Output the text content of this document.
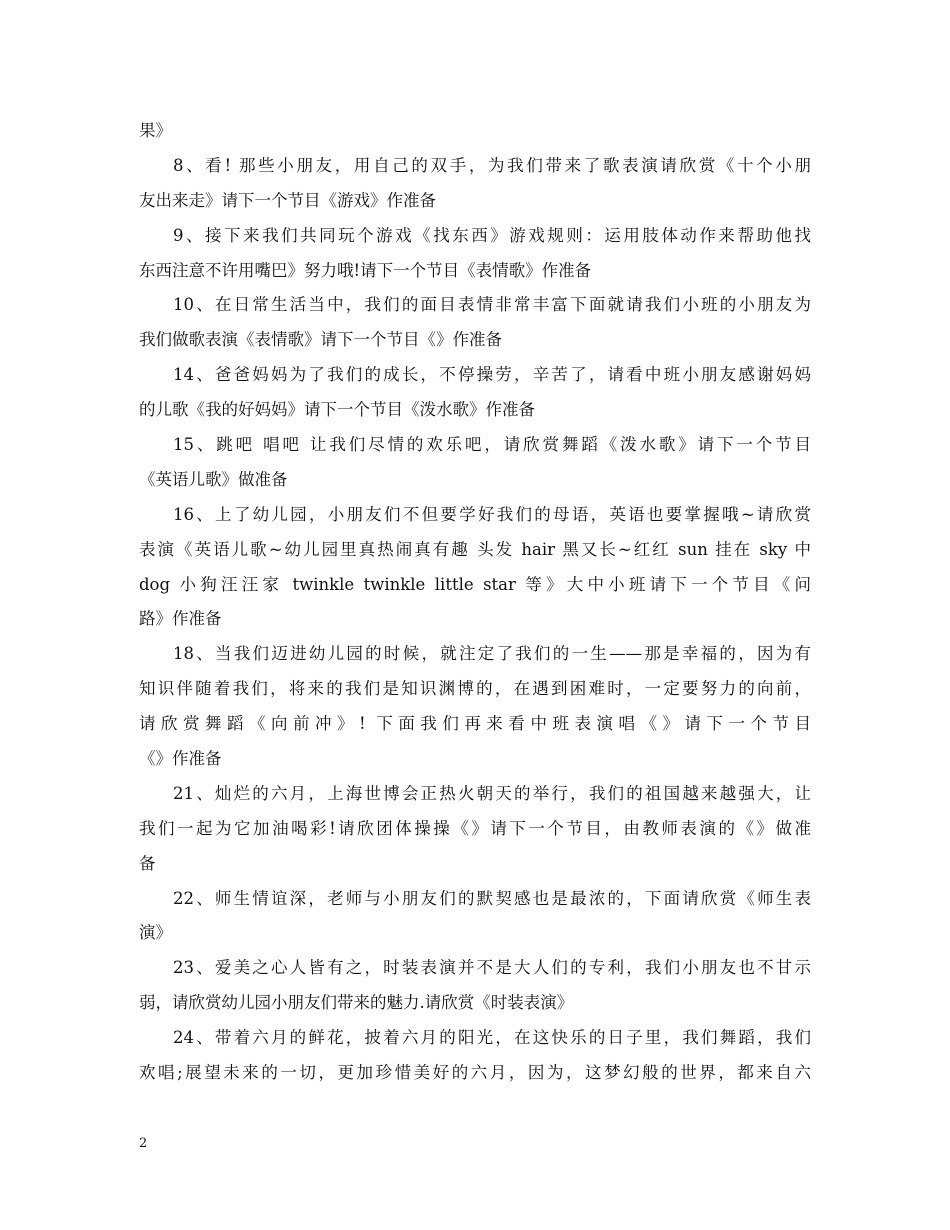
果》
8、看! 那些小朋友，用自己的双手，为我们带来了歌表演请欣赏《十个小朋
友出来走》请下一个节目《游戏》作准备
9、接下来我们共同玩个游戏《找东西》游戏规则：运用肢体动作来帮助他找
东西注意不许用嘴巴》努力哦!请下一个节目《表情歌》作准备
10、在日常生活当中，我们的面目表情非常丰富下面就请我们小班的小朋友为
我们做歌表演《表情歌》请下一个节目《》作准备
14、爸爸妈妈为了我们的成长，不停操劳，辛苦了，请看中班小朋友感谢妈妈
的儿歌《我的好妈妈》请下一个节目《泼水歌》作准备
15、跳吧 唱吧 让我们尽情的欢乐吧，请欣赏舞蹈《泼水歌》请下一个节目
《英语儿歌》做准备
16、上了幼儿园，小朋友们不但要学好我们的母语，英语也要掌握哦~请欣赏
表演《英语儿歌~幼儿园里真热闹真有趣 头发 hair 黑又长~红红 sun 挂在 sky 中
dog 小狗汪汪家 twinkle twinkle little star 等》大中小班请下一个节目《问
路》作准备
18、当我们迈进幼儿园的时候，就注定了我们的一生——那是幸福的，因为有
知识伴随着我们，将来的我们是知识渊博的，在遇到困难时，一定要努力的向前，
请欣赏舞蹈《向前冲》! 下面我们再来看中班表演唱《》请下一个节目
《》作准备
21、灿烂的六月，上海世博会正热火朝天的举行，我们的祖国越来越强大，让
我们一起为它加油喝彩!请欣团体操操《》请下一个节目，由教师表演的《》做准
备
22、师生情谊深，老师与小朋友们的默契感也是最浓的，下面请欣赏《师生表
演》
23、爱美之心人皆有之，时装表演并不是大人们的专利，我们小朋友也不甘示
弱，请欣赏幼儿园小朋友们带来的魅力.请欣赏《时装表演》
24、带着六月的鲜花，披着六月的阳光，在这快乐的日子里，我们舞蹈，我们
欢唱;展望未来的一切，更加珍惜美好的六月，因为，这梦幻般的世界，都来自六
2
